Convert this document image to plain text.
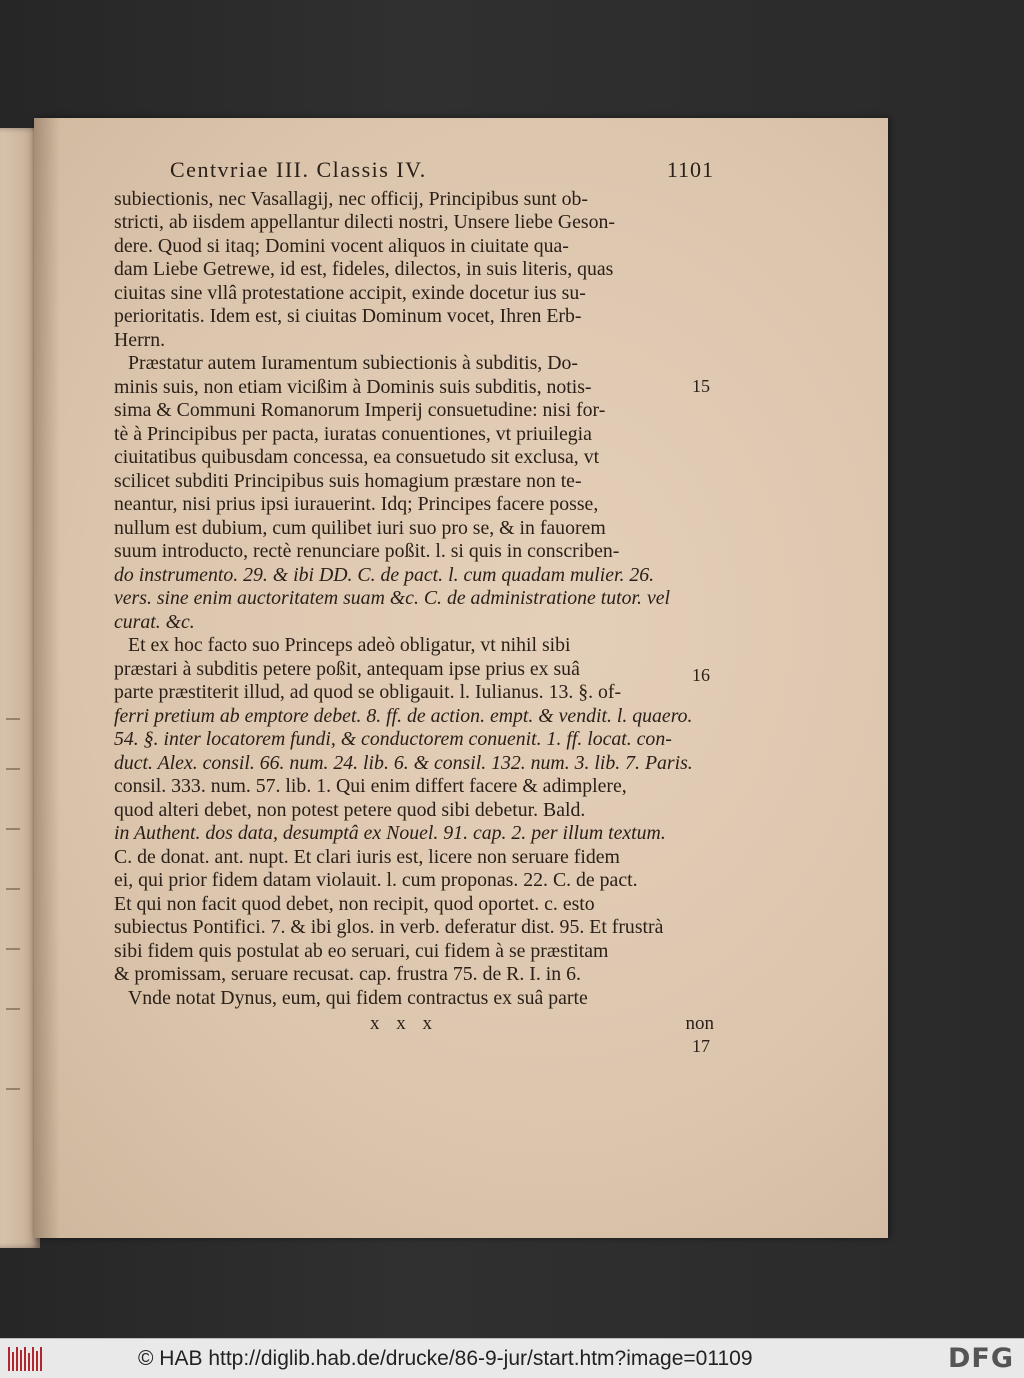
Centvriae III. Classis IV.	1101
subiectionis, nec Vasallagij, nec officij, Principibus sunt ob-
stricti, ab iisdem appellantur dilecti nostri, Unsere liebe Geson-
dere. Quod si itaq; Domini vocent aliquos in ciuitate qua-
dam Liebe Getrewe, id est, fideles, dilectos, in suis literis, quas
ciuitas sine vllâ protestatione accipit, exinde docetur ius su-
perioritatis. Idem est, si ciuitas Dominum vocet, Ihren Erb-
Herrn.
Præstatur autem Iuramentum subiectionis à subditis, Do-
minis suis, non etiam vicißim à Dominis suis subditis, notis-
sima & Communi Romanorum Imperij consuetudine: nisi for-
tè à Principibus per pacta, iuratas conuentiones, vt priuilegia
ciuitatibus quibusdam concessa, ea consuetudo sit exclusa, vt
scilicet subditi Principibus suis homagium præstare non te-
neantur, nisi prius ipsi iurauerint. Idq; Principes facere posse,
nullum est dubium, cum quilibet iuri suo pro se, & in fauorem
suum introducto, rectè renunciare poßit. l. si quis in conscriben-
do instrumento. 29. & ibi DD. C. de pact. l. cum quadam mulier. 26.
vers. sine enim auctoritatem suam &c. C. de administratione tutor. vel
curat. &c.
Et ex hoc facto suo Princeps adeò obligatur, vt nihil sibi
præstari à subditis petere poßit, antequam ipse prius ex suâ
parte præstiterit illud, ad quod se obligauit. l. Iulianus. 13. §. of-
ferri pretium ab emptore debet. 8. ff. de action. empt. & vendit. l. quaero.
54. §. inter locatorem fundi, & conductorem conuenit. 1. ff. locat. con-
duct. Alex. consil. 66. num. 24. lib. 6. & consil. 132. num. 3. lib. 7. Paris.
consil. 333. num. 57. lib. 1. Qui enim differt facere & adimplere,
quod alteri debet, non potest petere quod sibi debetur. Bald.
in Authent. dos data, desumptâ ex Nouel. 91. cap. 2. per illum textum.
C. de donat. ant. nupt. Et clari iuris est, licere non seruare fidem
ei, qui prior fidem datam violauit. l. cum proponas. 22. C. de pact.
Et qui non facit quod debet, non recipit, quod oportet. c. esto
subiectus Pontifici. 7. & ibi glos. in verb. deferatur dist. 95. Et frustrà
sibi fidem quis postulat ab eo seruari, cui fidem à se præstitam
& promissam, seruare recusat. cap. frustra 75. de R. I. in 6.
Vnde notat Dynus, eum, qui fidem contractus ex suâ parte
x x x	non
15
16
17
© HAB http://diglib.hab.de/drucke/86-9-jur/start.htm?image=01109	DFG
